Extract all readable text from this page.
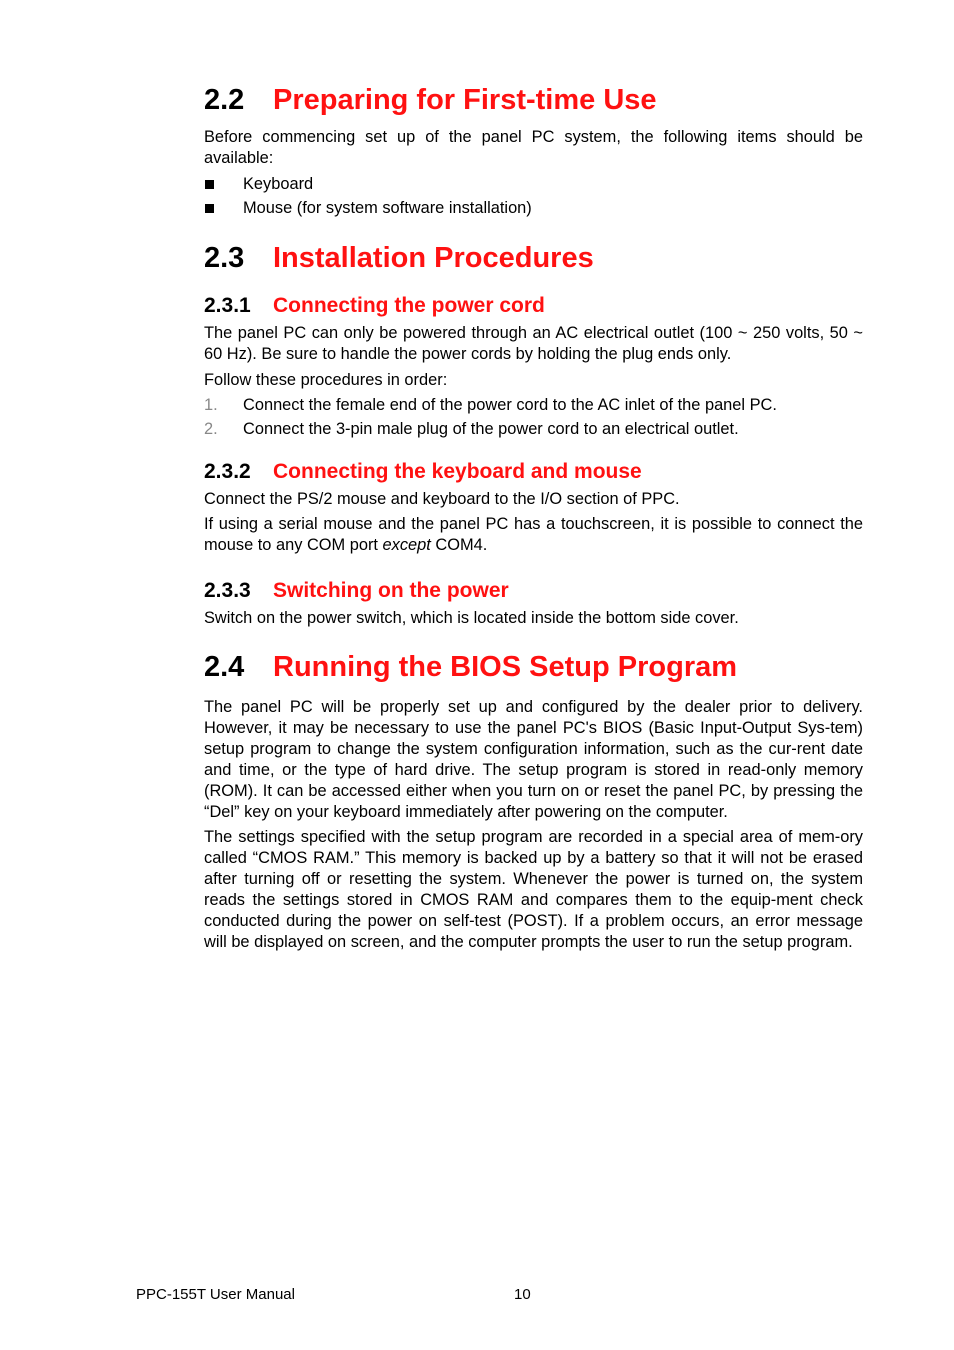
2.2 Preparing for First-time Use

Before commencing set up of the panel PC system, the following items should be available:

Keyboard
Mouse (for system software installation)
2.3 Installation Procedures
2.3.1	Connecting the power cord

The panel PC can only be powered through an AC electrical outlet (100 ~ 250 volts, 50 ~ 60 Hz). Be sure to handle the power cords by holding the plug ends only.

Follow these procedures in order:

1.	Connect the female end of the power cord to the AC inlet of the panel PC.
2.	Connect the 3-pin male plug of the power cord to an electrical outlet.
2.3.2	Connecting the keyboard and mouse

Connect the PS/2 mouse and keyboard to the I/O section of PPC.

If using a serial mouse and the panel PC has a touchscreen, it is possible to connect the mouse to any COM port except COM4.

2.3.3	Switching on the power

Switch on the power switch, which is located inside the bottom side cover.

2.4 Running the BIOS Setup Program

The panel PC will be properly set up and configured by the dealer prior to delivery. However, it may be necessary to use the panel PC's BIOS (Basic Input-Output Sys-tem) setup program to change the system configuration information, such as the cur-rent date and time, or the type of hard drive. The setup program is stored in read-only memory (ROM). It can be accessed either when you turn on or reset the panel PC, by pressing the “Del” key on your keyboard immediately after powering on the computer.

The settings specified with the setup program are recorded in a special area of mem-ory called “CMOS RAM.” This memory is backed up by a battery so that it will not be erased after turning off or resetting the system. Whenever the power is turned on, the system reads the settings stored in CMOS RAM and compares them to the equip-ment check conducted during the power on self-test (POST). If a problem occurs, an error message will be displayed on screen, and the computer prompts the user to run the setup program.

PPC-155T User Manual	10
